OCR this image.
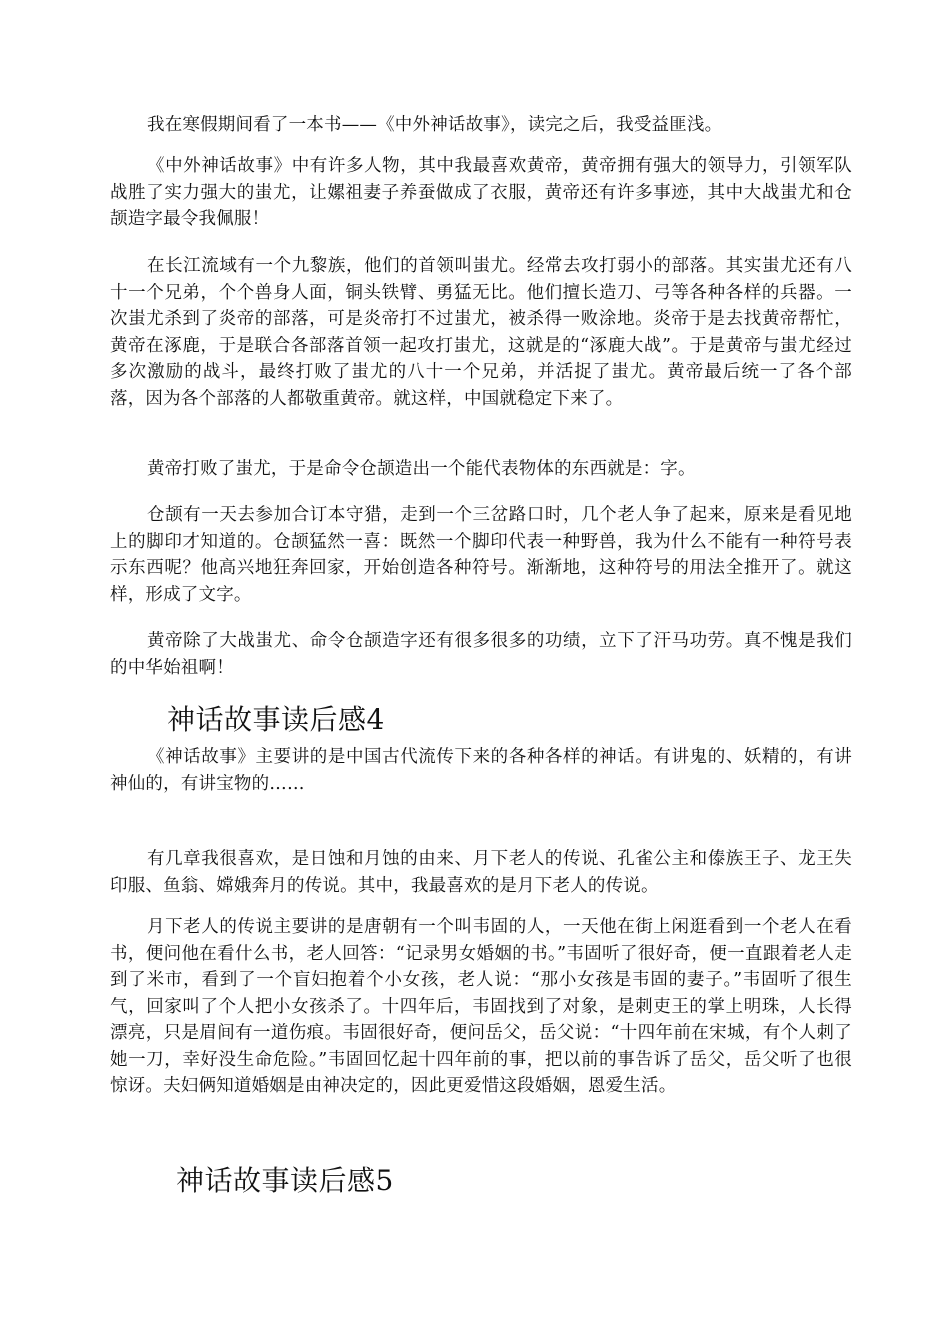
我在寒假期间看了一本书——《中外神话故事》，读完之后，我受益匪浅。

《中外神话故事》中有许多人物，其中我最喜欢黄帝，黄帝拥有强大的领导力，引领军队战胜了实力强大的蚩尤，让嫘祖妻子养蚕做成了衣服，黄帝还有许多事迹，其中大战蚩尤和仓颉造字最令我佩服！

在长江流域有一个九黎族，他们的首领叫蚩尤。经常去攻打弱小的部落。其实蚩尤还有八十一个兄弟，个个兽身人面，铜头铁臂、勇猛无比。他们擅长造刀、弓等各种各样的兵器。一次蚩尤杀到了炎帝的部落，可是炎帝打不过蚩尤，被杀得一败涂地。炎帝于是去找黄帝帮忙，黄帝在涿鹿，于是联合各部落首领一起攻打蚩尤，这就是的“涿鹿大战”。于是黄帝与蚩尤经过多次激励的战斗，最终打败了蚩尤的八十一个兄弟，并活捉了蚩尤。黄帝最后统一了各个部落，因为各个部落的人都敬重黄帝。就这样，中国就稳定下来了。

黄帝打败了蚩尤，于是命令仓颉造出一个能代表物体的东西就是：字。

仓颉有一天去参加合订本守猎，走到一个三岔路口时，几个老人争了起来，原来是看见地上的脚印才知道的。仓颉猛然一喜：既然一个脚印代表一种野兽，我为什么不能有一种符号表示东西呢？他高兴地狂奔回家，开始创造各种符号。渐渐地，这种符号的用法全推开了。就这样，形成了文字。

黄帝除了大战蚩尤、命令仓颉造字还有很多很多的功绩，立下了汗马功劳。真不愧是我们的中华始祖啊！

神话故事读后感4

《神话故事》主要讲的是中国古代流传下来的各种各样的神话。有讲鬼的、妖精的，有讲神仙的，有讲宝物的……

有几章我很喜欢，是日蚀和月蚀的由来、月下老人的传说、孔雀公主和傣族王子、龙王失印服、鱼翁、嫦娥奔月的传说。其中，我最喜欢的是月下老人的传说。

月下老人的传说主要讲的是唐朝有一个叫韦固的人，一天他在街上闲逛看到一个老人在看书，便问他在看什么书，老人回答：“记录男女婚姻的书。”韦固听了很好奇，便一直跟着老人走到了米市，看到了一个盲妇抱着个小女孩，老人说：“那小女孩是韦固的妻子。”韦固听了很生气，回家叫了个人把小女孩杀了。十四年后，韦固找到了对象，是刺吏王的掌上明珠，人长得漂亮，只是眉间有一道伤痕。韦固很好奇，便问岳父，岳父说：“十四年前在宋城，有个人刺了她一刀，幸好没生命危险。”韦固回忆起十四年前的事，把以前的事告诉了岳父，岳父听了也很惊讶。夫妇俩知道婚姻是由神决定的，因此更爱惜这段婚姻，恩爱生活。

神话故事读后感5
